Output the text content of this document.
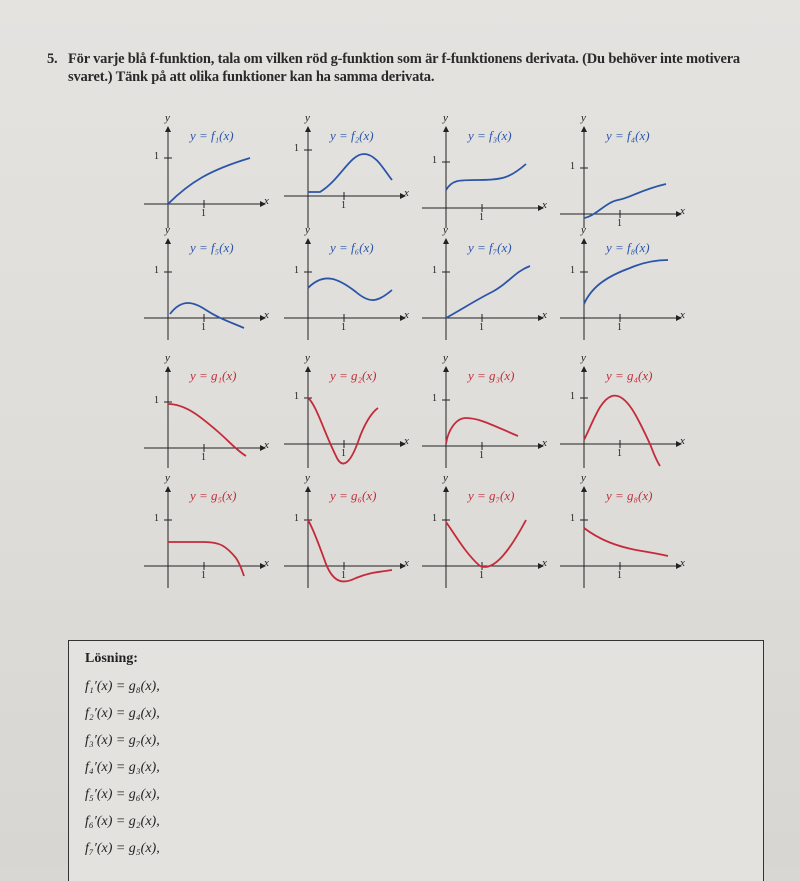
5. För varje blå f-funktion, tala om vilken röd g-funktion som är f-funktionens derivata. (Du behöver inte motivera svaret.) Tänk på att olika funktioner kan ha samma derivata.
y = f₁(x)
y
x
1
1
y = f₂(x)
y
x
1
1
y = f₃(x)
y
x
1
1
y = f₄(x)
y
x
1
1
y = f₅(x)
y
x
1
1
y = f₆(x)
y
x
1
1
y = f₇(x)
y
x
1
1
y = f₈(x)
y
x
1
1
y = g₁(x)
y
x
1
1
y = g₂(x)
y
x
1
1
y = g₃(x)
y
x
1
1
y = g₄(x)
y
x
1
1
y = g₅(x)
y
x
1
1
y = g₆(x)
y
x
1
1
y = g₇(x)
y
x
1
1
y = g₈(x)
y
x
1
1
Lösning:
f₁′(x) = g₈(x),
f₂′(x) = g₄(x),
f₃′(x) = g₇(x),
f₄′(x) = g₃(x),
f₅′(x) = g₆(x),
f₆′(x) = g₂(x),
f₇′(x) = g₅(x),
